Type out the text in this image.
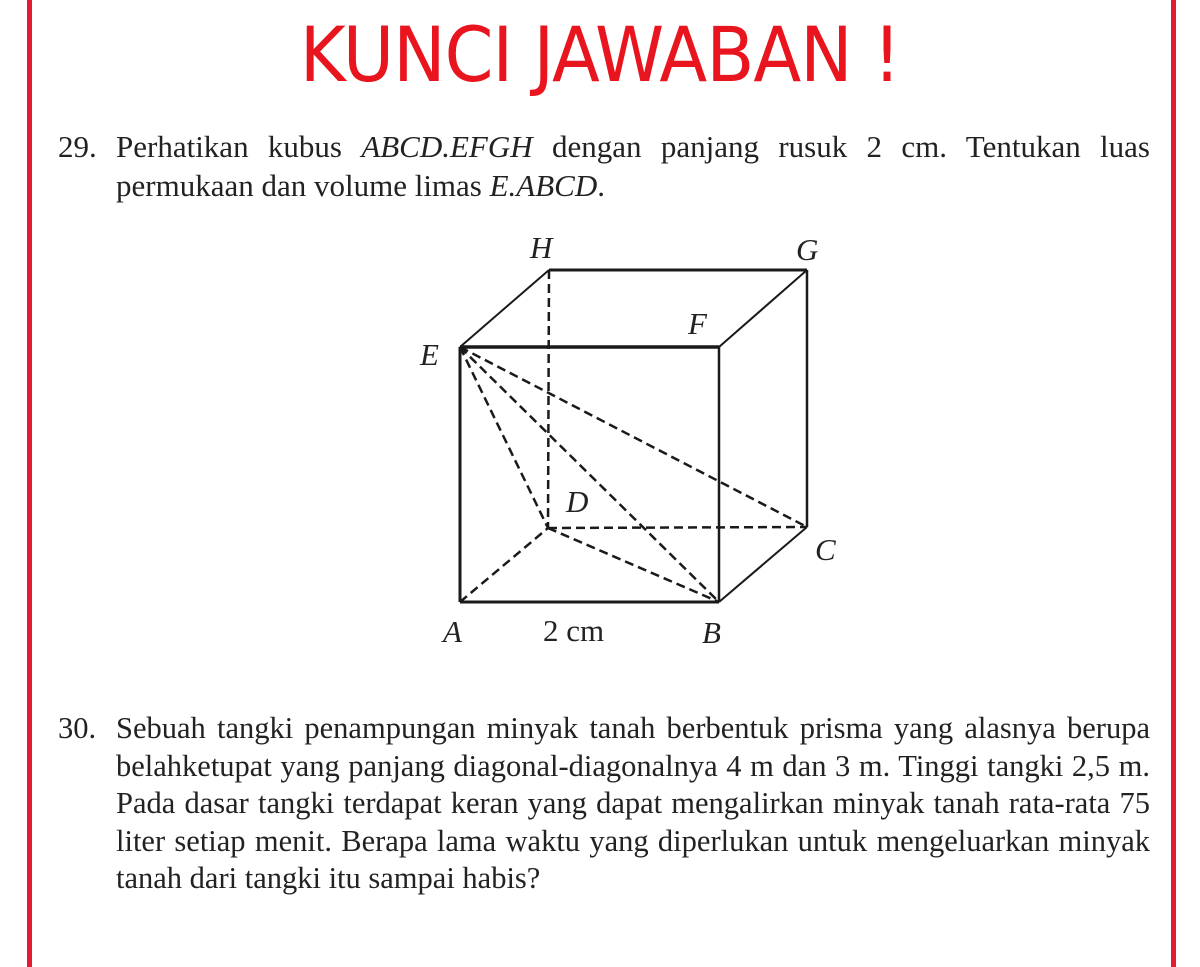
KUNCI JAWABAN !
29. Perhatikan kubus ABCD.EFGH dengan panjang rusuk 2 cm. Tentukan luas permukaan dan volume limas E.ABCD.
H	G
F
E
D
C
A	B
2 cm
30. Sebuah tangki penampungan minyak tanah berbentuk prisma yang alasnya berupa belahketupat yang panjang diagonal-diagonalnya 4 m dan 3 m. Tinggi tangki 2,5 m. Pada dasar tangki terdapat keran yang dapat mengalirkan minyak tanah rata-rata 75 liter setiap menit. Berapa lama waktu yang diperlukan untuk mengeluarkan minyak tanah dari tangki itu sampai habis?
